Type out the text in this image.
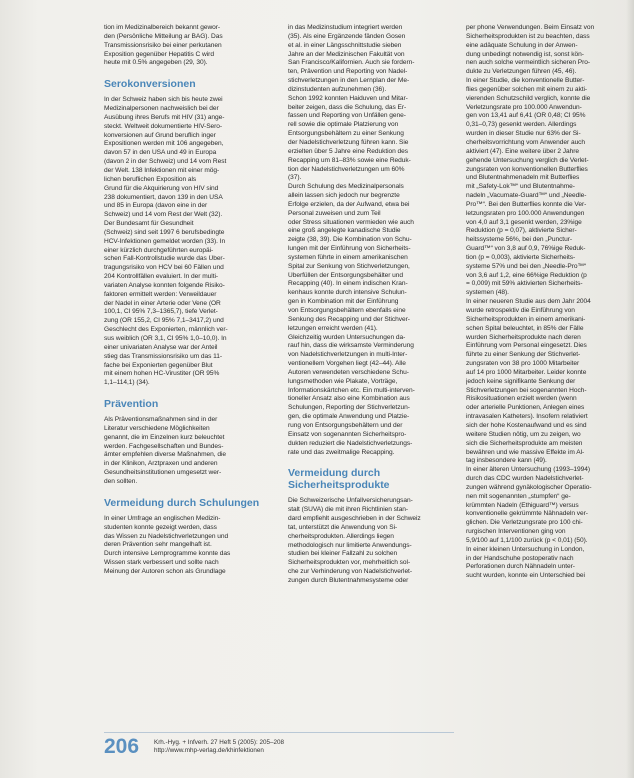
tion im Medizinalbereich bekannt gewor-
den (Persönliche Mitteilung ar BAG). Das
Transmissionsrisiko bei einer perkutanen
Exposition gegenüber Hepatitis C wird
heute mit 0.5% angegeben (29, 30).
Serokonversionen
In der Schweiz haben sich bis heute zwei
Medizinalpersonen nachweislich bei der
Ausübung ihres Berufs mit HIV (31) ange-
steckt. Weltweit dokumentierte HIV-Sero-
konversionen auf Grund beruflich inger
Expositionen werden mit 106 angegeben,
davon 57 in den USA und 49 in Europa
(davon 2 in der Schweiz) und 14 vom Rest
der Welt. 138 Infektionen mit einer mög-
lichen beruflichen Exposition als
Grund für die Akquirierung von HIV sind
238 dokumentiert, davon 139 in den USA
und 85 in Europa (davon eine in der
Schweiz) und 14 vom Rest der Welt (32).
Der Bundesamt für Gesundheit
(Schweiz) sind seit 1997 6 berufsbedingte
HCV-Infektionen gemeldet worden (33). In
einer kürzlich durchgeführten europäi-
schen Fall-Kontrollstudie wurde das Über-
tragungsrisiko von HCV bei 60 Fällen und
204 Kontrollfällen evaluiert. In der multi-
variaten Analyse konnten folgende Risiko-
faktoren ermittelt werden: Verweildauer
der Nadel in einer Arterie oder Vene (OR
100,1, CI 95% 7,3–1365,7), tiefe Verlet-
zung (OR 155,2, CI 95% 7,1–3417,2) und
Geschlecht des Exponierten, männlich ver-
sus weiblich (OR 3,1, CI 95% 1,0–10,0). In
einer univariaten Analyse war der Anteil
stieg das Transmissionsrisiko um das 11-
fache bei Exponierten gegenüber Blut
mit einem hohen HC-Virustiter (OR 95%
1,1–114,1) (34).
Prävention
Als Präventionsmaßnahmen sind in der
Literatur verschiedene Möglichkeiten
genannt, die im Einzelnen kurz beleuchtet
werden. Fachgesellschaften und Bundes-
ämter empfehlen diverse Maßnahmen, die
in der Klinikon, Arztpraxen und anderen
Gesundheitsinstitutionen umgesetzt wer-
den sollten.
Vermeidung durch Schulungen
In einer Umfrage an englischen Medizin-
studenten konnte gezeigt werden, dass
das Wissen zu Nadelstichverletzungen und
deren Prävention sehr mangelhaft ist.
Durch intensive Lernprogramme konnte das
Wissen stark verbessert und sollte nach
Meinung der Autoren schon als Grundlage
in das Medizinstudium integriert werden
(35). Als eine Ergänzende fänden Gosen
et al. in einer Längsschnittstudie sieben
Jahre an der Medizinischen Fakultät von
San Francisco/Kalifornien. Auch sie fordern-
ten, Prävention und Reporting von Nadel-
stichverletzungen in den Lernplan der Me-
dizinstudenten aufzunehmen (36).
Schon 1992 konnten Haiduven und Mitar-
beiter zeigen, dass die Schulung, das Er-
fassen und Reporting von Unfällen gene-
rell sowie die optimale Platzierung von
Entsorgungsbehältern zu einer Senkung
der Nadelstichverletzung führen kann. Sie
erzielten über 5 Jahre eine Reduktion des
Recapping um 81–83% sowie eine Reduk-
tion der Nadelstichverletzungen um 60%
(37).
Durch Schulung des Medizinalpersonals
allein lassen sich jedoch nur begrenzte
Erfolge erzielen, da der Aufwand, etwa bei
Personal zuweisen und zum Teil
oder Stress situationen vermieden wie auch
eine groß angelegte kanadische Studie
zeigte (38, 39). Die Kombination von Schu-
lungen mit der Einführung von Sicherheits-
systemen führte in einem amerikanischen
Spital zur Senkung von Stichverletzungen,
Überfüllen der Entsorgungsbehälter und
Recapping (40). In einem indischen Kran-
kenhaus konnte durch intensive Schulun-
gen in Kombination mit der Einführung
von Entsorgungsbehältern ebenfalls eine
Senkung des Recapping und der Stichver-
letzungen erreicht werden (41).
Gleichzeitig wurden Untersuchungen da-
rauf hin, dass die wirksamste Verminderung
von Nadelstichverletzungen in multi-Inter-
ventionellem Vorgehen liegt (42–44). Alle
Autoren verwendeten verschiedene Schu-
lungsmethoden wie Plakate, Vorträge,
Informationskärtchen etc. Ein multi-interven-
tioneller Ansatz also eine Kombination aus
Schulungen, Reporting der Stichverletzun-
gen, die optimale Anwendung und Platzie-
rung von Entsorgungsbehältern und der
Einsatz von sogenannten Sicherheitspro-
dukten reduziert die Nadelstichverletzungs-
rate und das zweitmalige Recapping.
Vermeidung durch
Sicherheitsprodukte
Die Schweizerische Unfallversicherungsan-
stalt (SUVA) die mit ihren Richtlinien stan-
dard empfiehlt ausgeschrieben in der Schweiz
tat, unterstützt die Anwendung von Si-
cherheitsprodukten. Allerdings liegen
methodologisch nur limitierte Anwendungs-
studien bei kleiner Fallzahl zu solchen
Sicherheitsprodukten vor, mehrheitlich sol-
che zur Verhinderung von Nadelstichverlet-
zungen durch Blutentnahmesysteme oder
per phone Verwendungen. Beim Einsatz von
Sicherheitsprodukten ist zu beachten, dass
eine adäquate Schulung in der Anwen-
dung unbedingt notwendig ist, sonst kön-
nen auch solche vermeintlich sicheren Pro-
dukte zu Verletzungen führen (45, 46).
In einer Studie, die konventionelle Butter-
flies gegenüber solchen mit einem zu akti-
vierenden Schutzschild verglich, konnte die
Verletzungsrate pro 100.000 Anwendun-
gen von 13,41 auf 6,41 (OR 0,48; CI 95%
0,31–0,73) gesenkt werden. Allerdings
wurden in dieser Studie nur 63% der Si-
cherheitsvorrichtung vom Anwender auch
aktiviert (47). Eine weitere über 2 Jahre
gehende Untersuchung verglich die Verlet-
zungsraten von konventionellen Butterflies
und Blutentnahmenadeln mit Butterflies
mit „Safety-Lok™“ und Blutentnahme-
nadeln „Vacumate-Guard™“ und „Needle-
Pro™“. Bei den Butterflies konnte die Ver-
letzungsraten pro 100.000 Anwendungen
von 4,0 auf 3,1 gesenkt werden, 23%ige
Reduktion (p = 0,07), aktivierte Sicher-
heitssysteme 56%, bei den „Punctur-
Guard™“ von 3,8 auf 0,9, 76%ige Reduk-
tion (p = 0,003), aktivierte Sicherheits-
systeme 57% und bei den „Needle-Pro™“
von 3,6 auf 1,2, eine 66%ige Reduktion (p
= 0,009) mit 59% aktivierten Sicherheits-
systemen (48).
In einer neueren Studie aus dem Jahr 2004
wurde retrospektiv die Einführung von
Sicherheitsprodukten in einem amerikani-
schen Spital beleuchtet, in 85% der Fälle
wurden Sicherheitsprodukte nach deren
Einführung vom Personal eingesetzt. Dies
führte zu einer Senkung der Stichverlet-
zungsraten von 38 pro 1000 Mitarbeiter
auf 14 pro 1000 Mitarbeiter. Leider konnte
jedoch keine signifikante Senkung der
Stichverletzungen bei sogenannten Hoch-
Risikosituationen erzielt werden (wenn
oder arterielle Punktionen, Anlegen eines
intravasalen Katheters). Insofern relativiert
sich der hohe Kostenaufwand und es sind
weitere Studien nötig, um zu zeigen, wo
sich die Sicherheitsprodukte am meisten
bewähren und wie massive Effekte im Al-
tag insbesondere kann (49).
In einer älteren Untersuchung (1993–1994)
durch das CDC wurden Nadelstichverlet-
zungen während gynäkologischer Operatio-
nen mit sogenannten „stumpfen“ ge-
krümmten Nadeln (Ethiguard™) versus
konventionelle gekrümmte Nähnadeln ver-
glichen. Die Verletzungsrate pro 100 chi-
rurgischen Interventionen ging von
5,9/100 auf 1,1/100 zurück (p < 0,01) (50).
In einer kleinen Untersuchung in London,
in der Handschuhe postoperativ nach
Perforationen durch Nähnadeln unter-
sucht wurden, konnte ein Unterschied bei
206 Krh.-Hyg. + Infverh. 27 Heft 5 (2005): 205–208
http://www.mhp-verlag.de/khinfektionen
